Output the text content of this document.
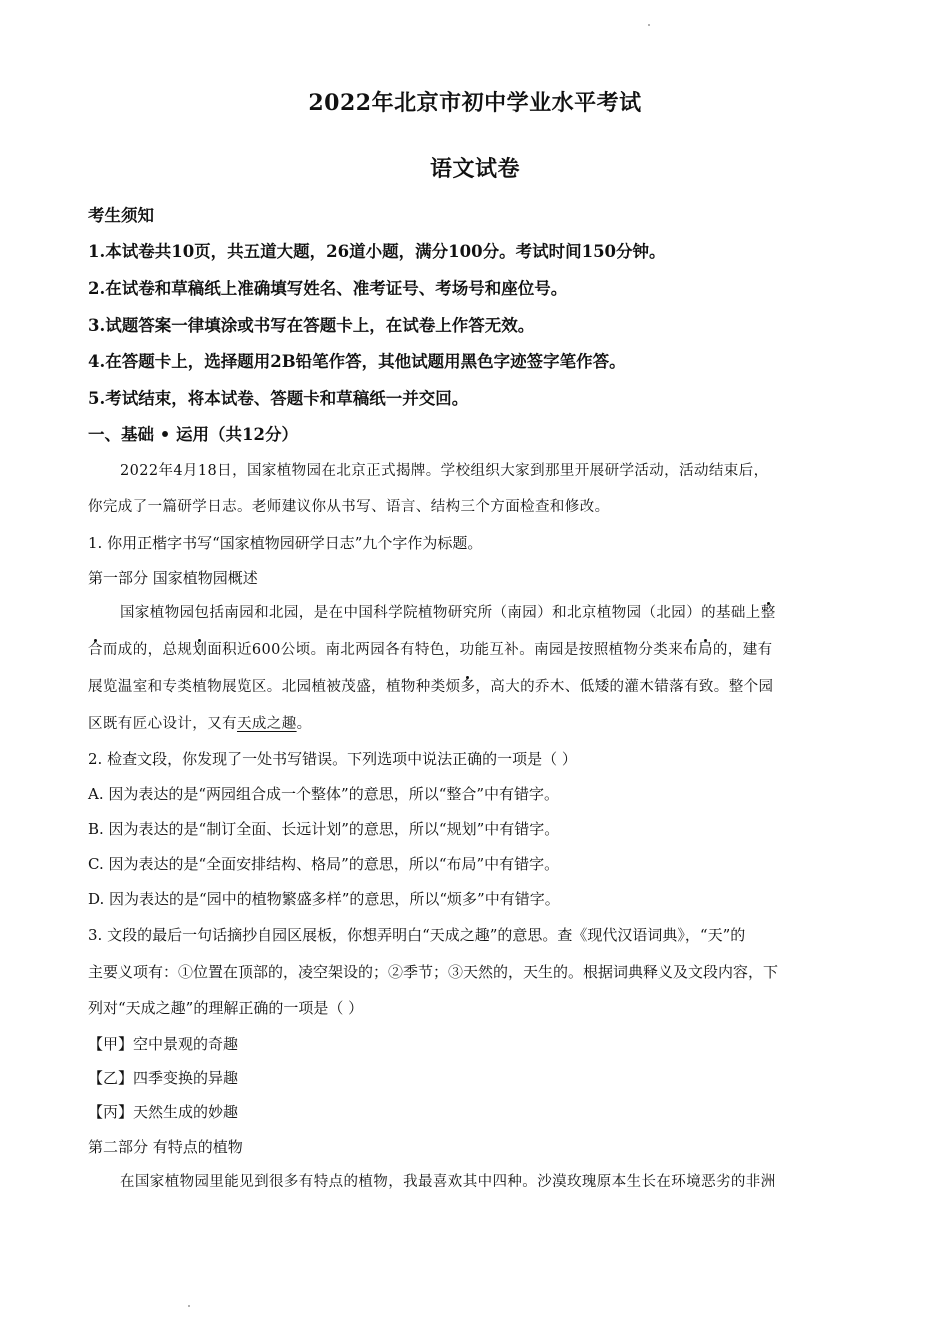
2022年北京市初中学业水平考试
语文试卷
考生须知
1.本试卷共10页，共五道大题，26道小题，满分100分。考试时间150分钟。
2.在试卷和草稿纸上准确填写姓名、准考证号、考场号和座位号。
3.试题答案一律填涂或书写在答题卡上，在试卷上作答无效。
4.在答题卡上，选择题用2B铅笔作答，其他试题用黑色字迹签字笔作答。
5.考试结束，将本试卷、答题卡和草稿纸一并交回。
一、基础 • 运用（共12分）
2022年4月18日，国家植物园在北京正式揭牌。学校组织大家到那里开展研学活动，活动结束后，
你完成了一篇研学日志。老师建议你从书写、语言、结构三个方面检查和修改。
1. 你用正楷字书写“国家植物园研学日志”九个字作为标题。
第一部分 国家植物园概述
国家植物园包括南园和北园，是在中国科学院植物研究所（南园）和北京植物园（北园）的基础上整
合而成的，总规划面积近600公顷。南北两园各有特色，功能互补。南园是按照植物分类来布局的，建有
展览温室和专类植物展览区。北园植被茂盛，植物种类烦多，高大的乔木、低矮的灌木错落有致。整个园
区既有匠心设计，又有天成之趣。
2. 检查文段，你发现了一处书写错误。下列选项中说法正确的一项是（ ）
A. 因为表达的是“两园组合成一个整体”的意思，所以“整合”中有错字。
B. 因为表达的是“制订全面、长远计划”的意思，所以“规划”中有错字。
C. 因为表达的是“全面安排结构、格局”的意思，所以“布局”中有错字。
D. 因为表达的是“园中的植物繁盛多样”的意思，所以“烦多”中有错字。
3. 文段的最后一句话摘抄自园区展板，你想弄明白“天成之趣”的意思。查《现代汉语词典》，“天”的
主要义项有：①位置在顶部的，凌空架设的；②季节；③天然的，天生的。根据词典释义及文段内容，下
列对“天成之趣”的理解正确的一项是（ ）
【甲】空中景观的奇趣
【乙】四季变换的异趣
【丙】天然生成的妙趣
第二部分 有特点的植物
在国家植物园里能见到很多有特点的植物，我最喜欢其中四种。沙漠玫瑰原本生长在环境恶劣的非洲
